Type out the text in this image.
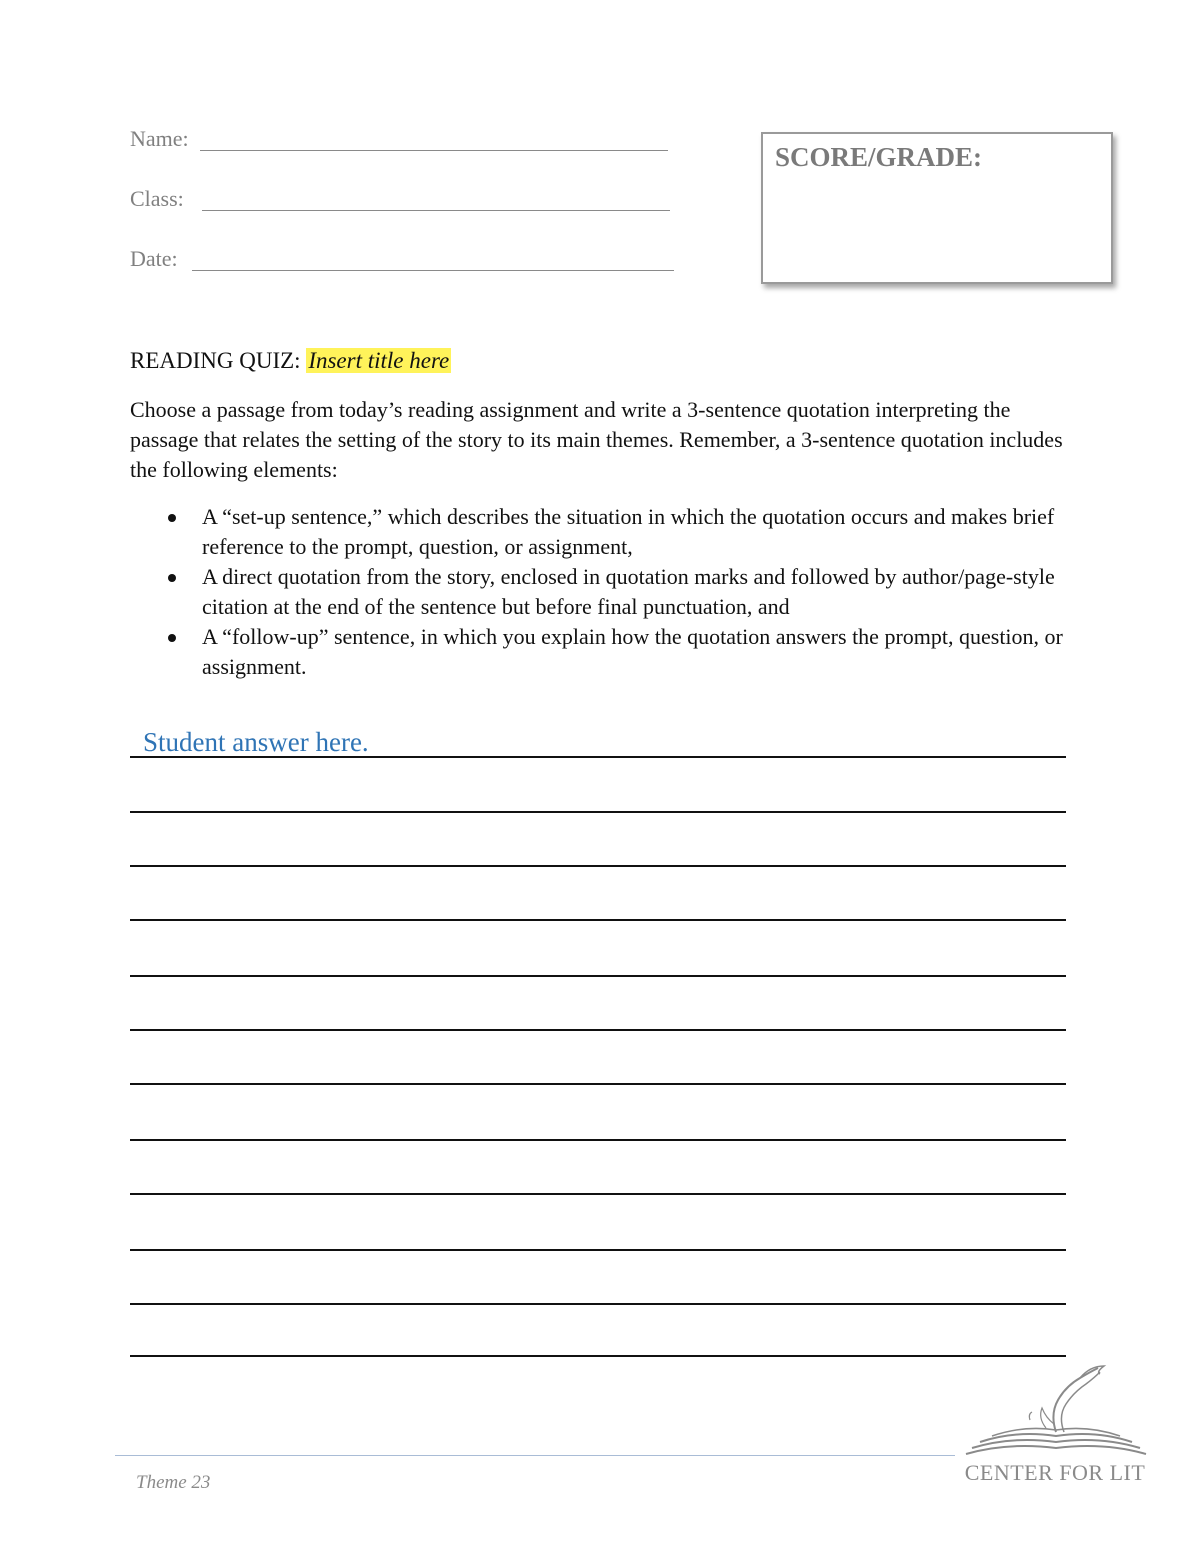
Name:
Class:
Date:
SCORE/GRADE:
READING QUIZ: Insert title here
Choose a passage from today’s reading assignment and write a 3-sentence quotation interpreting the passage that relates the setting of the story to its main themes. Remember, a 3-sentence quotation includes the following elements:
A “set-up sentence,” which describes the situation in which the quotation occurs and makes brief reference to the prompt, question, or assignment,
A direct quotation from the story, enclosed in quotation marks and followed by author/page-style citation at the end of the sentence but before final punctuation, and
A “follow-up” sentence, in which you explain how the quotation answers the prompt, question, or assignment.
Student answer here.
Theme 23	CENTER FOR LIT
